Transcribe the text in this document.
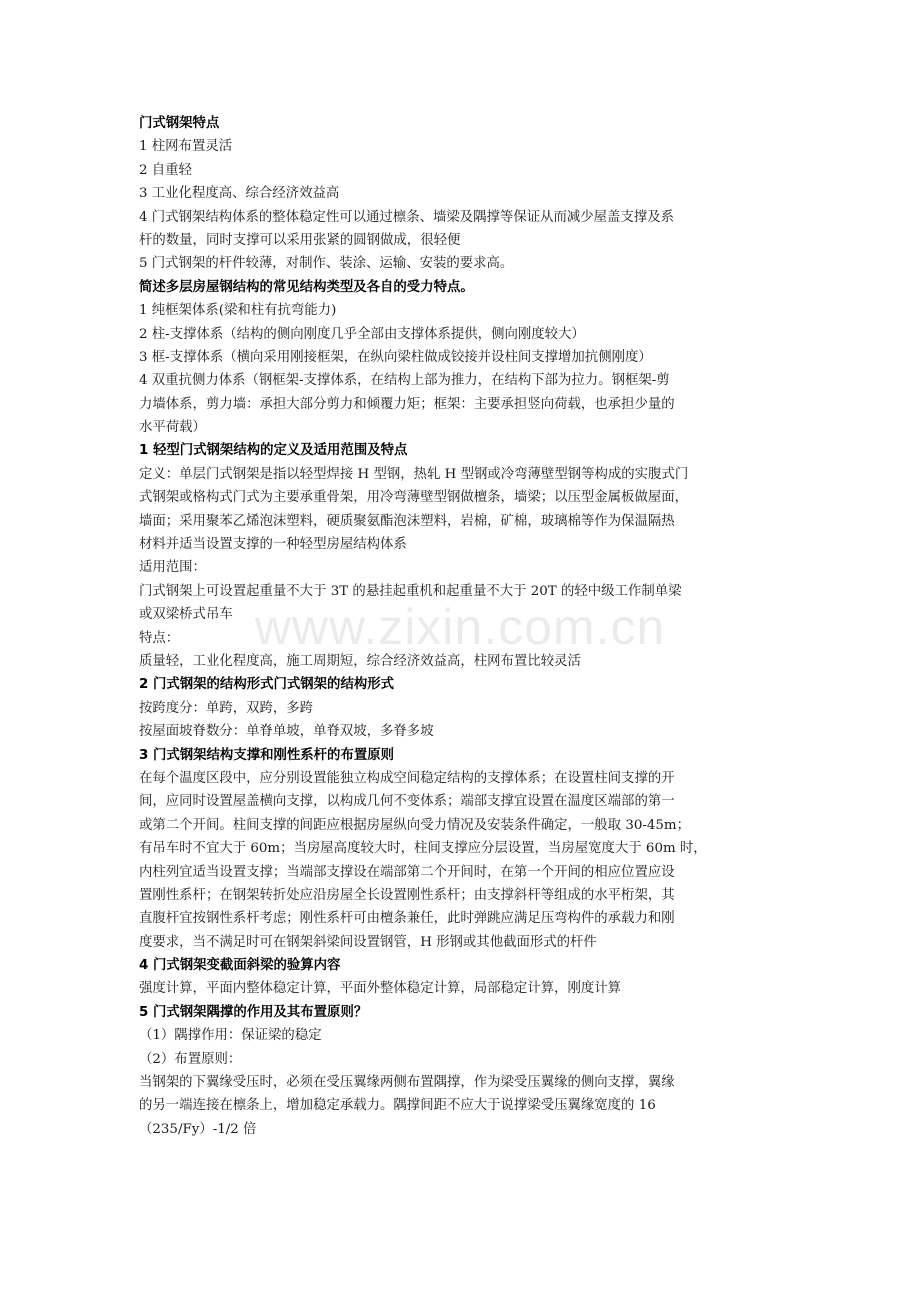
门式钢架特点
1 柱网布置灵活
2 自重轻
3 工业化程度高、综合经济效益高
4 门式钢架结构体系的整体稳定性可以通过檩条、墙梁及隅撑等保证从而减少屋盖支撑及系
杆的数量，同时支撑可以采用张紧的圆钢做成，很轻便
5 门式钢架的杆件较薄，对制作、装涂、运输、安装的要求高。
简述多层房屋钢结构的常见结构类型及各自的受力特点。
1 纯框架体系(梁和柱有抗弯能力)
2 柱-支撑体系（结构的侧向刚度几乎全部由支撑体系提供，侧向刚度较大）
3 框-支撑体系（横向采用刚接框架，在纵向梁柱做成铰接并设柱间支撑增加抗侧刚度）
4 双重抗侧力体系（钢框架-支撑体系，在结构上部为推力，在结构下部为拉力。钢框架-剪
力墙体系，剪力墙：承担大部分剪力和倾覆力矩；框架：主要承担竖向荷载，也承担少量的
水平荷载）
1 轻型门式钢架结构的定义及适用范围及特点
定义：单层门式钢架是指以轻型焊接 H 型钢，热轧 H 型钢或冷弯薄壁型钢等构成的实腹式门
式钢架或格构式门式为主要承重骨架，用冷弯薄壁型钢做檀条，墙梁；以压型金属板做屋面，
墙面；采用聚苯乙烯泡沫塑料，硬质聚氨酯泡沫塑料，岩棉，矿棉，玻璃棉等作为保温隔热
材料并适当设置支撑的一种轻型房屋结构体系
适用范围：
门式钢架上可设置起重量不大于 3T 的悬挂起重机和起重量不大于 20T 的轻中级工作制单梁
或双梁桥式吊车
特点：
质量轻，工业化程度高，施工周期短，综合经济效益高，柱网布置比较灵活
2 门式钢架的结构形式门式钢架的结构形式
按跨度分：单跨，双跨，多跨
按屋面坡脊数分：单脊单坡，单脊双坡，多脊多坡
3 门式钢架结构支撑和刚性系杆的布置原则
在每个温度区段中，应分别设置能独立构成空间稳定结构的支撑体系；在设置柱间支撑的开
间，应同时设置屋盖横向支撑，以构成几何不变体系；端部支撑宜设置在温度区端部的第一
或第二个开间。柱间支撑的间距应根据房屋纵向受力情况及安装条件确定，一般取 30-45m；
有吊车时不宜大于 60m；当房屋高度较大时，柱间支撑应分层设置，当房屋宽度大于 60m 时，
内柱列宜适当设置支撑；当端部支撑设在端部第二个开间时，在第一个开间的相应位置应设
置刚性系杆；在钢架转折处应沿房屋全长设置刚性系杆；由支撑斜杆等组成的水平桁架，其
直腹杆宜按钢性系杆考虑；刚性系杆可由檀条兼任，此时弹跳应满足压弯构件的承载力和刚
度要求，当不满足时可在钢架斜梁间设置钢管，H 形钢或其他截面形式的杆件
4 门式钢架变截面斜梁的验算内容
强度计算，平面内整体稳定计算，平面外整体稳定计算，局部稳定计算，刚度计算
5 门式钢架隅撑的作用及其布置原则？
（1）隅撑作用：保证梁的稳定
（2）布置原则：
当钢架的下翼缘受压时，必须在受压翼缘两侧布置隅撑，作为梁受压翼缘的侧向支撑，翼缘
的另一端连接在檩条上，增加稳定承载力。隅撑间距不应大于说撑梁受压翼缘宽度的 16
（235/Fy）-1/2 倍
www.zixin.com.cn
